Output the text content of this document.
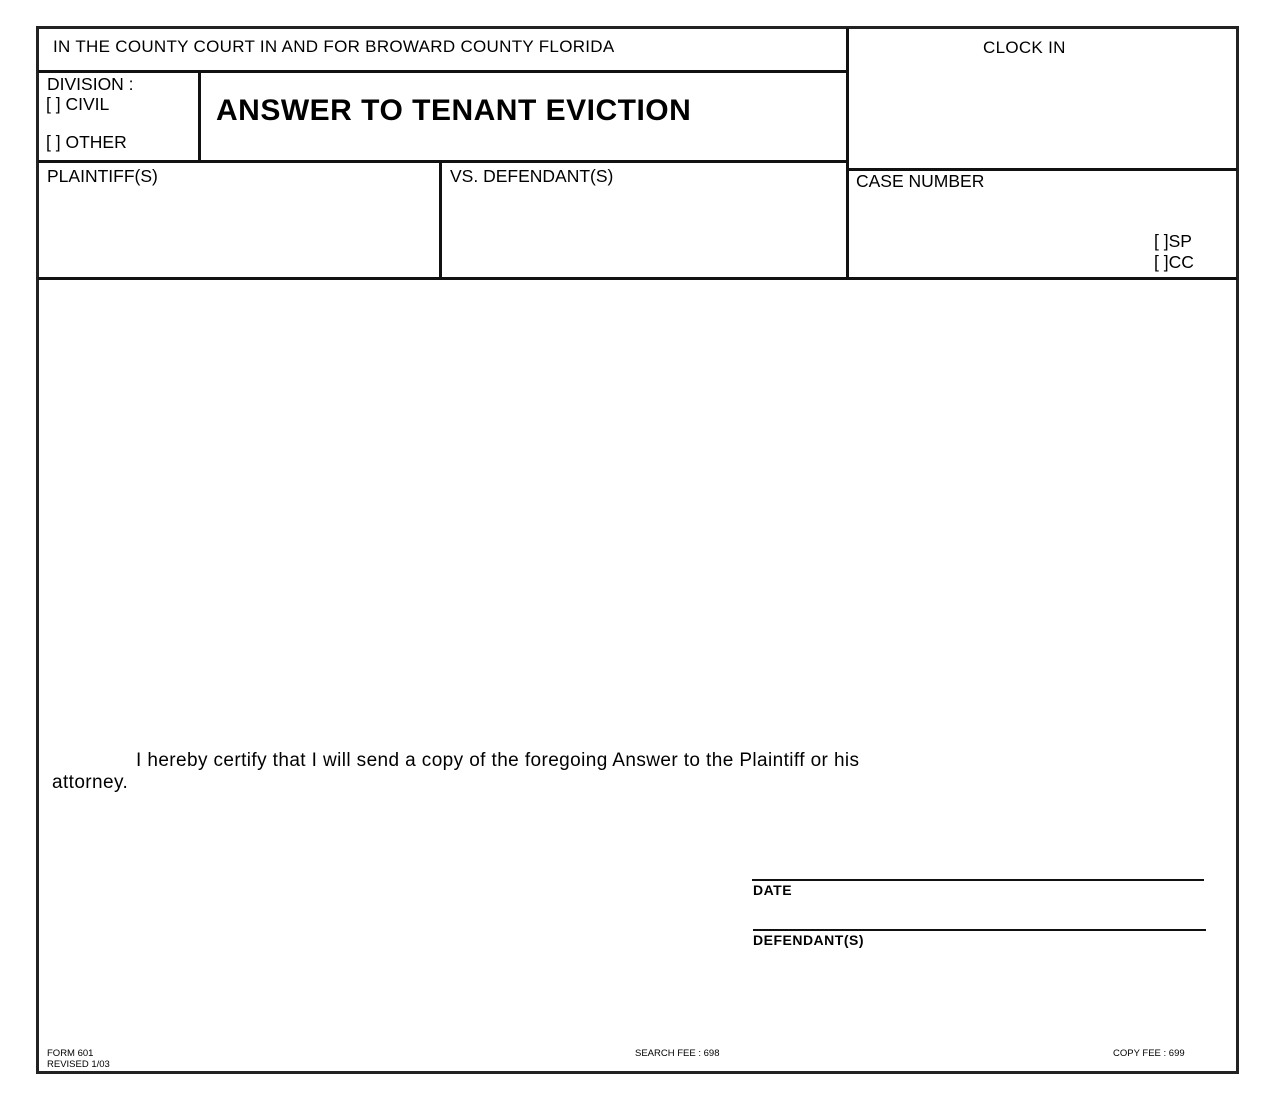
IN THE COUNTY COURT IN AND FOR BROWARD COUNTY FLORIDA	CLOCK IN
DIVISION :
[ ] CIVIL
[ ] OTHER
ANSWER TO TENANT EVICTION
PLAINTIFF(S)	VS. DEFENDANT(S)	CASE NUMBER
[ ]SP
[ ]CC
I hereby certify that I will send a copy of the foregoing Answer to the Plaintiff or his
attorney.
DATE
DEFENDANT(S)
FORM 601
REVISED 1/03
SEARCH FEE : 698	COPY FEE : 699
